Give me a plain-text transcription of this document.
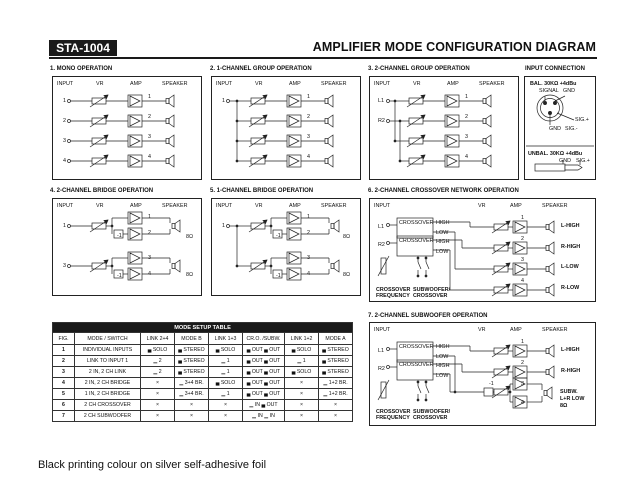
STA-1004	AMPLIFIER MODE CONFIGURATION DIAGRAM
1. MONO OPERATION	2. 1-CHANNEL GROUP OPERATION	3. 2-CHANNEL GROUP OPERATION	INPUT CONNECTION
4. 2-CHANNEL BRIDGE OPERATION	5. 1-CHANNEL BRIDGE OPERATION	6. 2-CHANNEL CROSSOVER NETWORK OPERATION
7. 2-CHANNEL SUBWOOFER OPERATION
INPUT	VR	AMP	SPEAKER	INPUT	VR	AMP	SPEAKER	INPUT	VR	AMP	SPEAKER
INPUT	VR	AMP	SPEAKER	INPUT	VR	AMP	SPEAKER	INPUT	VR	AMP	SPEAKER
INPUT	VR	AMP	SPEAKER
1
2
3
4
1	L1
R2
1
3
1	L1
R2
L1
R2
1
2
3
4
1
2
3
4
1
2
3
4
1
2
3
4
1
2
3
4
1
2
3
4
1
2
3
4
-1
-1
-1
-1
8Ω
8Ω
8Ω
8Ω
BAL. 30KΩ +4dBu
SIGNAL GND
SIG.+
GND SIG.-
UNBAL. 30KΩ +4dBu
GND SIG.+
CROSSOVER
CROSSOVER
HIGH
LOW
HIGH
LOW
CROSSOVER FREQUENCY
SUBWOOFER/ CROSSOVER
L-HIGH
R-HIGH
L-LOW
R-LOW
CROSSOVER
CROSSOVER
HIGH
LOW
HIGH
LOW
CROSSOVER FREQUENCY
SUBWOOFER/ CROSSOVER
-1
L-HIGH
R-HIGH
SUBW.
L+R LOW
8Ω
MODE SETUP TABLE							
FIG.	MODE / SWITCH	LINK 2+4	MODE B	LINK 1+3	CR.O. /SUBW.	LINK 1+2	MODE A
1	INDIVIDUAL INPUTS	▄ SOLO	▄ STEREO	▄ SOLO	▄ OUT ▄ OUT	▄ SOLO	▄ STEREO
2	LINK TO INPUT 1	▁ 2	▄ STEREO	▁ 1	▄ OUT ▄ OUT	▁ 1	▄ STEREO
3	2 IN, 2 CH LINK	▁ 2	▄ STEREO	▁ 1	▄ OUT ▄ OUT	▄ SOLO	▄ STEREO
4	2 IN, 2 CH BRIDGE	×	▁ 3+4 BR.	▄ SOLO	▄ OUT ▄ OUT	×	▁ 1+2 BR.
5	1 IN, 2 CH BRIDGE	×	▁ 3+4 BR.	▁ 1	▄ OUT ▄ OUT	×	▁ 1+2 BR.
6	2 CH CROSSOVER	×	×	×	▁ IN ▄ OUT	×	×
7	2 CH SUBWOOFER	×	×	×	▁ IN ▁ IN	×	×
Black printing colour on silver self-adhesive foil
